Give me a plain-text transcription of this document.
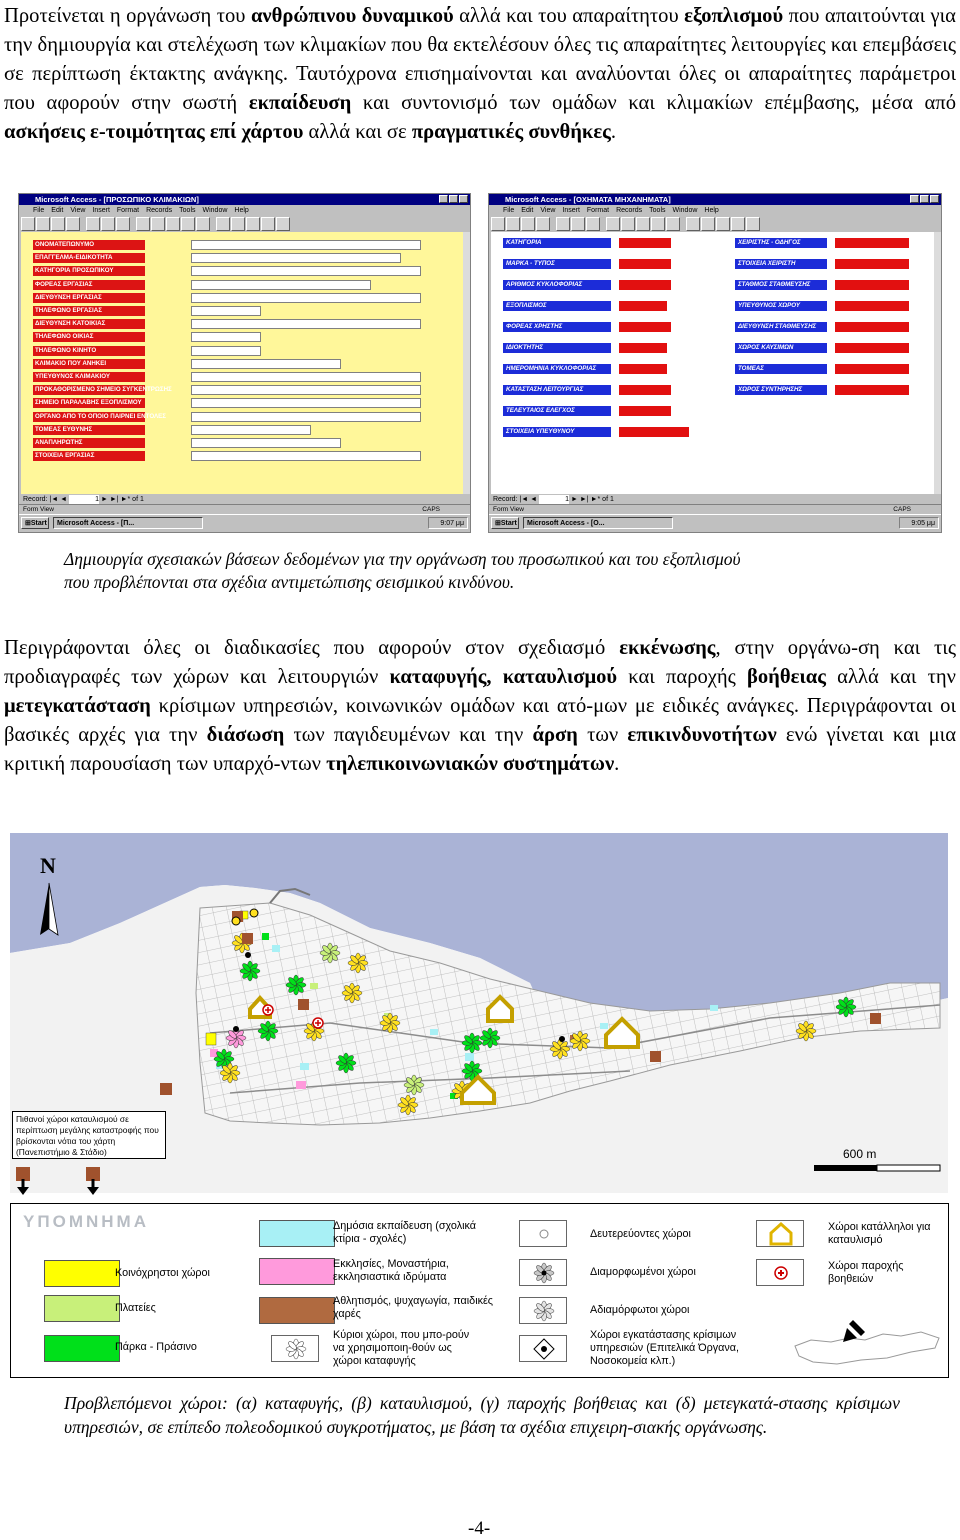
Προτείνεται η οργάνωση του ανθρώπινου δυναμικού αλλά και του απαραίτητου εξοπλισμού που απαιτούνται για την δημιουργία και στελέχωση των κλιμακίων που θα εκτελέσουν όλες τις απαραίτητες λειτουργίες και επεμβάσεις σε περίπτωση έκτακτης ανάγκης. Ταυτόχρονα επισημαίνονται και αναλύονται όλες οι απαραίτητες παράμετροι που αφορούν στην σωστή εκπαίδευση και συντονισμό των ομάδων και κλιμακίων επέμβασης, μέσα από ασκήσεις ε-τοιμότητας επί χάρτου αλλά και σε πραγματικές συνθήκες.

Microsoft Access - [ΠΡΟΣΩΠΙΚΟ ΚΛΙΜΑΚΙΩΝ]
File Edit View Insert Format Records Tools Window Help
ΟΝΟΜΑΤΕΠΩΝΥΜΟ
ΕΠΑΓΓΕΛΜΑ-ΕΙΔΙΚΟΤΗΤΑ
ΚΑΤΗΓΟΡΙΑ ΠΡΟΣΩΠΙΚΟΥ
ΦΟΡΕΑΣ ΕΡΓΑΣΙΑΣ
ΔΙΕΥΘΥΝΣΗ ΕΡΓΑΣΙΑΣ
ΤΗΛΕΦΩΝΟ ΕΡΓΑΣΙΑΣ
ΔΙΕΥΘΥΝΣΗ ΚΑΤΟΙΚΙΑΣ
ΤΗΛΕΦΩΝΟ ΟΙΚΙΑΣ
ΤΗΛΕΦΩΝΟ ΚΙΝΗΤΟ
ΚΛΙΜΑΚΙΟ ΠΟΥ ΑΝΗΚΕΙ
ΥΠΕΥΘΥΝΟΣ ΚΛΙΜΑΚΙΟΥ
ΠΡΟΚΑΘΟΡΙΣΜΕΝΟ ΣΗΜΕΙΟ ΣΥΓΚΕΝΤΡΩΣΗΣ
ΣΗΜΕΙΟ ΠΑΡΑΛΑΒΗΣ ΕΞΟΠΛΙΣΜΟΥ
ΟΡΓΑΝΟ ΑΠΟ ΤΟ ΟΠΟΙΟ ΠΑΙΡΝΕΙ ΕΝΤΟΛΕΣ
ΤΟΜΕΑΣ ΕΥΘΥΝΗΣ
ΑΝΑΠΛΗΡΩΤΗΣ
ΣΤΟΙΧΕΙΑ ΕΡΓΑΣΙΑΣ
Record: |◄ ◄	1 ► ►| ►* of 1
Form View	CAPS
⊞Start	Microsoft Access - [Π...	9:07 μμ
Microsoft Access - [ΟΧΗΜΑΤΑ ΜΗΧΑΝΗΜΑΤΑ]
File Edit View Insert Format Records Tools Window Help
ΚΑΤΗΓΟΡΙΑ
ΜΑΡΚΑ - ΤΥΠΟΣ
ΑΡΙΘΜΟΣ ΚΥΚΛΟΦΟΡΙΑΣ
ΕΞΟΠΛΙΣΜΟΣ
ΦΟΡΕΑΣ ΧΡΗΣΤΗΣ
ΙΔΙΟΚΤΗΤΗΣ
ΗΜΕΡΟΜΗΝΙΑ ΚΥΚΛΟΦΟΡΙΑΣ
ΚΑΤΑΣΤΑΣΗ ΛΕΙΤΟΥΡΓΙΑΣ
ΤΕΛΕΥΤΑΙΟΣ ΕΛΕΓΧΟΣ
ΣΤΟΙΧΕΙΑ ΥΠΕΥΘΥΝΟΥ
ΧΕΙΡΙΣΤΗΣ - ΟΔΗΓΟΣ
ΣΤΟΙΧΕΙΑ ΧΕΙΡΙΣΤΗ
ΣΤΑΘΜΟΣ ΣΤΑΘΜΕΥΣΗΣ
ΥΠΕΥΘΥΝΟΣ ΧΩΡΟΥ
ΔΙΕΥΘΥΝΣΗ ΣΤΑΘΜΕΥΣΗΣ
ΧΩΡΟΣ ΚΑΥΣΙΜΩΝ
ΤΟΜΕΑΣ
ΧΩΡΟΣ ΣΥΝΤΗΡΗΣΗΣ
Record: |◄ ◄	1 ► ►| ►* of 1
Form View	CAPS
⊞Start	Microsoft Access - [Ο...	9:05 μμ

Δημιουργία σχεσιακών βάσεων δεδομένων για την οργάνωση του προσωπικού και του εξοπλισμού
που προβλέπονται στα σχέδια αντιμετώπισης σεισμικού κινδύνου.

Περιγράφονται όλες οι διαδικασίες που αφορούν στον σχεδιασμό εκκένωσης, στην οργάνω-ση και τις προδιαγραφές των χώρων και λειτουργιών καταφυγής, καταυλισμού και παροχής βοήθειας αλλά και την μετεγκατάσταση κρίσιμων υπηρεσιών, κοινωνικών ομάδων και ατό-μων με ειδικές ανάγκες. Περιγράφονται οι βασικές αρχές για την διάσωση των παγιδευμένων και την άρση των επικινδυνοτήτων ενώ γίνεται και μια κριτική παρουσίαση των υπαρχό-ντων τηλεπικοινωνιακών συστημάτων.

N
600 m
Πιθανοί χώροι καταυλισμού σε περίπτωση μεγάλης καταστροφής που βρίσκονται νότια του χάρτη (Πανεπιστήμιο & Στάδιο)
ΥΠΟΜΝΗΜΑ
Κοινόχρηστοι χώροι
Πλατείες
Πάρκα - Πράσινο
Δημόσια εκπαίδευση (σχολικά κτίρια - σχολές)
Εκκλησίες, Μοναστήρια, εκκλησιαστικά ιδρύματα
Αθλητισμός, ψυχαγωγία, παιδικές χαρές
Κύριοι χώροι, που μπο-ρούν να χρησιμοποιη-θούν ως χώροι καταφυγής
Δευτερεύοντες χώροι
Διαμορφωμένοι χώροι
Αδιαμόρφωτοι χώροι
Χώροι εγκατάστασης κρίσιμων υπηρεσιών (Επιτελικά Όργανα, Νοσοκομεία κλπ.)
Χώροι κατάλληλοι για καταυλισμό
Χώροι παροχής βοηθειών

Προβλεπόμενοι χώροι: (α) καταφυγής, (β) καταυλισμού, (γ) παροχής βοήθειας και (δ) μετεγκατά-στασης κρίσιμων υπηρεσιών, σε επίπεδο πολεοδομικού συγκροτήματος, με βάση τα σχέδια επιχειρη-σιακής οργάνωσης.

-4-
